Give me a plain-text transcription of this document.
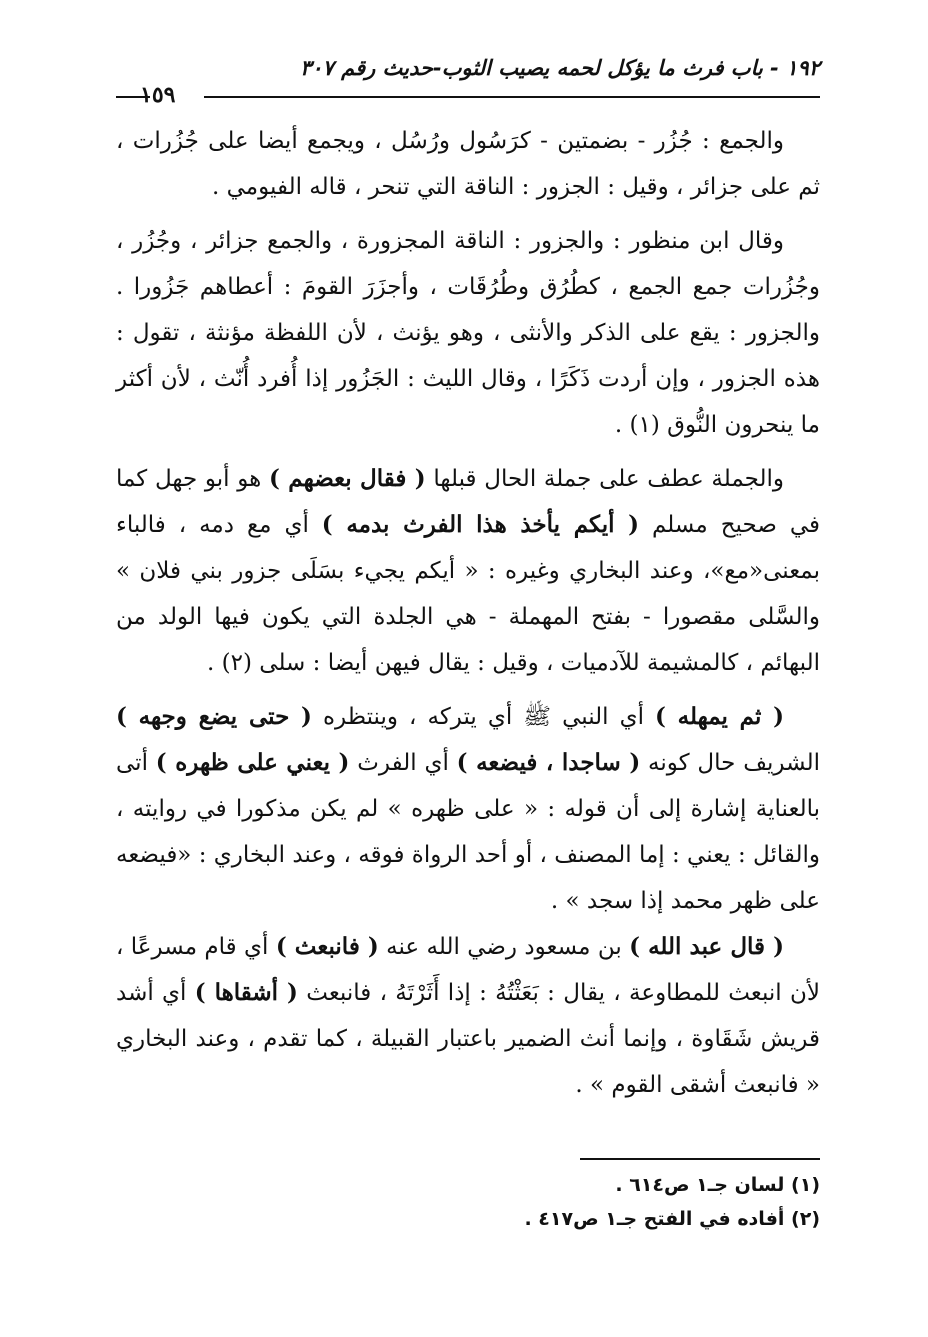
١٩٢ - باب فرث ما يؤكل لحمه يصيب الثوب-حديث رقم ٣٠٧
١٥٩

والجمع : جُزُر - بضمتين - كرَسُول ورُسُل ، ويجمع أيضا على جُزُرات ، ثم على جزائر ، وقيل : الجزور : الناقة التي تنحر ، قاله الفيومي .

وقال ابن منظور : والجزور : الناقة المجزورة ، والجمع جزائر ، وجُزُر ، وجُزُرات جمع الجمع ، كطُرُق وطُرُقَات ، وأجزَرَ القومَ : أعطاهم جَزُورا . والجزور : يقع على الذكر والأنثى ، وهو يؤنث ، لأن اللفظة مؤنثة ، تقول : هذه الجزور ، وإن أردت ذَكَرًا ، وقال الليث : الجَزُور إذا أُفرد أُنّث ، لأن أكثر ما ينحرون النُّوق (١) .

والجملة عطف على جملة الحال قبلها ( فقال بعضهم ) هو أبو جهل كما في صحيح مسلم ( أيكم يأخذ هذا الفرث بدمه ) أي مع دمه ، فالباء بمعنى«مع»، وعند البخاري وغيره : « أيكم يجيء بسَلَى جزور بني فلان » والسَّلى مقصورا - بفتح المهملة - هي الجلدة التي يكون فيها الولد من البهائم ، كالمشيمة للآدميات ، وقيل : يقال فيهن أيضا : سلى (٢) .

( ثم يمهله ) أي النبي ﷺ أي يتركه ، وينتظره ( حتى يضع وجهه ) الشريف حال كونه ( ساجدا ، فيضعه ) أي الفرث ( يعني على ظهره ) أتى بالعناية إشارة إلى أن قوله : « على ظهره » لم يكن مذكورا في روايته ، والقائل : يعني : إما المصنف ، أو أحد الرواة فوقه ، وعند البخاري : «فيضعه على ظهر محمد إذا سجد » .

( قال عبد الله ) بن مسعود رضي الله عنه ( فانبعث ) أي قام مسرعًا ، لأن انبعث للمطاوعة ، يقال : بَعَثْتُهُ : إذا أَثَرْتَهُ ، فانبعث ( أشقاها ) أي أشد قريش شَقَاوة ، وإنما أنث الضمير باعتبار القبيلة ، كما تقدم ، وعند البخاري « فانبعث أشقى القوم » .

(١) لسان جـ١ ص٦١٤ .

(٢) أفاده في الفتح جـ١ ص٤١٧ .
